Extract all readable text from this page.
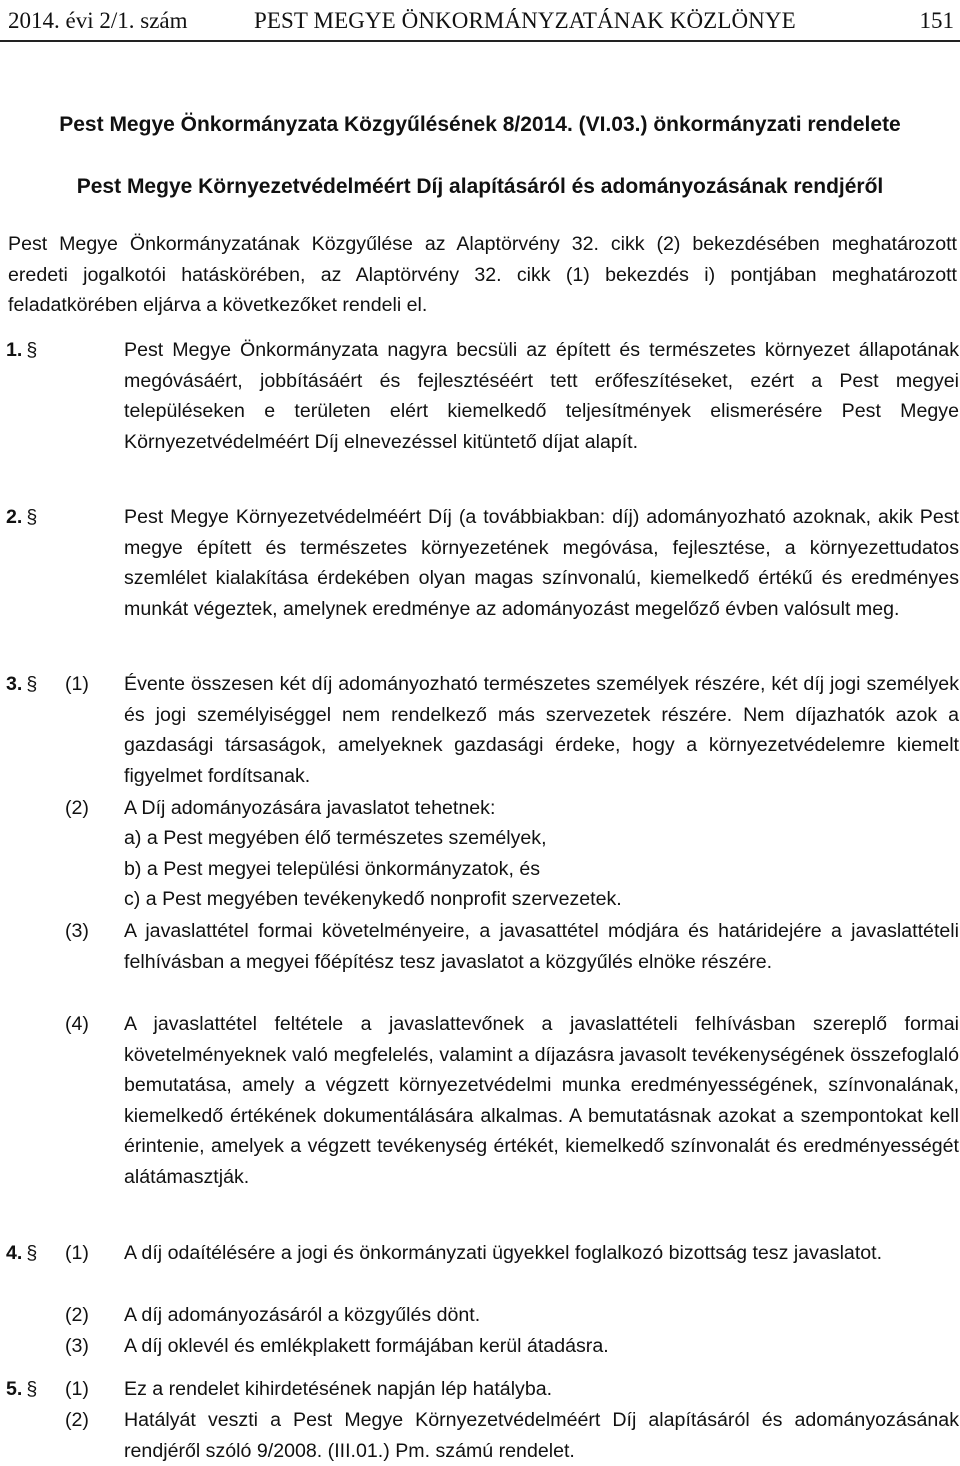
2014. évi 2/1. szám	PEST MEGYE ÖNKORMÁNYZATÁNAK KÖZLÖNYE	151
Pest Megye Önkormányzata Közgyűlésének 8/2014. (VI.03.) önkormányzati rendelete
Pest Megye Környezetvédelméért Díj alapításáról és adományozásának rendjéről
Pest Megye Önkormányzatának Közgyűlése az Alaptörvény 32. cikk (2) bekezdésében meghatározott eredeti jogalkotói hatáskörében, az Alaptörvény 32. cikk (1) bekezdés i) pontjában meghatározott feladatkörében eljárva a következőket rendeli el.
1. §	Pest Megye Önkormányzata nagyra becsüli az épített és természetes környezet állapotának megóvásáért, jobbításáért és fejlesztéséért tett erőfeszítéseket, ezért a Pest megyei településeken e területen elért kiemelkedő teljesítmények elismerésére Pest Megye Környezetvédelméért Díj elnevezéssel kitüntető díjat alapít.
2. §	Pest Megye Környezetvédelméért Díj (a továbbiakban: díj) adományozható azoknak, akik Pest megye épített és természetes környezetének megóvása, fejlesztése, a környezettudatos szemlélet kialakítása érdekében olyan magas színvonalú, kiemelkedő értékű és eredményes munkát végeztek, amelynek eredménye az adományozást megelőző évben valósult meg.
3. § (1) Évente összesen két díj adományozható természetes személyek részére, két díj jogi személyek és jogi személyiséggel nem rendelkező más szervezetek részére. Nem díjazhatók azok a gazdasági társaságok, amelyeknek gazdasági érdeke, hogy a környezetvédelemre kiemelt figyelmet fordítsanak.
(2) A Díj adományozására javaslatot tehetnek:
a) a Pest megyében élő természetes személyek,
b) a Pest megyei települési önkormányzatok, és
c) a Pest megyében tevékenykedő nonprofit szervezetek.
(3) A javaslattétel formai követelményeire, a javasattétel módjára és határidejére a javaslattételi felhívásban a megyei főépítész tesz javaslatot a közgyűlés elnöke részére.
(4) A javaslattétel feltétele a javaslattevőnek a javaslattételi felhívásban szereplő formai követelményeknek való megfelelés, valamint a díjazásra javasolt tevékenységének összefoglaló bemutatása, amely a végzett környezetvédelmi munka eredményességének, színvonalának, kiemelkedő értékének dokumentálására alkalmas. A bemutatásnak azokat a szempontokat kell érintenie, amelyek a végzett tevékenység értékét, kiemelkedő színvonalát és eredményességét alátámasztják.
4. § (1) A díj odaítélésére a jogi és önkormányzati ügyekkel foglalkozó bizottság tesz javaslatot.
(2) A díj adományozásáról a közgyűlés dönt.
(3) A díj oklevél és emlékplakett formájában kerül átadásra.
5. § (1) Ez a rendelet kihirdetésének napján lép hatályba.
(2) Hatályát veszti a Pest Megye Környezetvédelméért Díj alapításáról és adományozásának rendjéről szóló 9/2008. (III.01.) Pm. számú rendelet.
